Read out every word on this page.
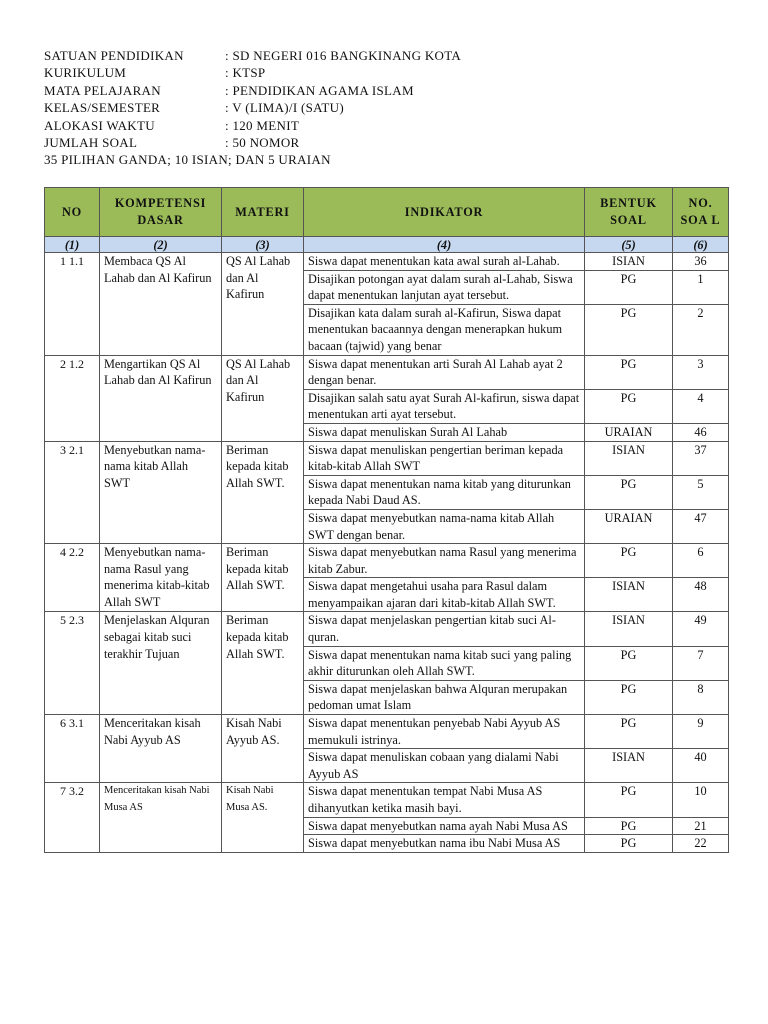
SATUAN PENDIDIKAN	: SD NEGERI 016 BANGKINANG KOTA
KURIKULUM	: KTSP
MATA PELAJARAN	: PENDIDIKAN AGAMA ISLAM
KELAS/SEMESTER	: V (LIMA)/I (SATU)
ALOKASI WAKTU	: 120 MENIT
JUMLAH SOAL	: 50 NOMOR
35 PILIHAN GANDA; 10 ISIAN; DAN 5 URAIAN
NO	KOMPETENSI DASAR	MATERI	INDIKATOR	BENTUK SOAL	NO. SOA L
(1)	(2)	(3)	(4)	(5)	(6)
1 1.1	Membaca QS Al Lahab dan Al Kafirun	QS Al Lahab dan Al Kafirun	Siswa dapat menentukan kata awal surah al-Lahab.	ISIAN	36
			Disajikan potongan ayat dalam surah al-Lahab, Siswa dapat menentukan lanjutan ayat tersebut.	PG	1
			Disajikan kata dalam surah al-Kafirun, Siswa dapat menentukan bacaannya dengan menerapkan hukum bacaan (tajwid) yang benar	PG	2
2 1.2	Mengartikan QS Al Lahab dan Al Kafirun	QS Al Lahab dan Al Kafirun	Siswa dapat menentukan arti Surah Al Lahab ayat 2 dengan benar.	PG	3
			Disajikan salah satu ayat Surah Al-kafirun, siswa dapat menentukan arti ayat tersebut.	PG	4
			Siswa dapat menuliskan Surah Al Lahab	URAIAN	46
3 2.1	Menyebutkan nama-nama kitab Allah SWT	Beriman kepada kitab Allah SWT.	Siswa dapat menuliskan pengertian beriman kepada kitab-kitab Allah SWT	ISIAN	37
			Siswa dapat menentukan nama kitab yang diturunkan kepada Nabi Daud AS.	PG	5
			Siswa dapat menyebutkan nama-nama kitab Allah SWT dengan benar.	URAIAN	47
4 2.2	Menyebutkan nama-nama Rasul yang menerima kitab-kitab Allah SWT	Beriman kepada kitab Allah SWT.	Siswa dapat menyebutkan nama Rasul yang menerima kitab Zabur.	PG	6
			Siswa dapat mengetahui usaha para Rasul dalam menyampaikan ajaran dari kitab-kitab Allah SWT.	ISIAN	48
5 2.3	Menjelaskan Alquran sebagai kitab suci terakhir Tujuan	Beriman kepada kitab Allah SWT.	Siswa dapat menjelaskan pengertian kitab suci Al-quran.	ISIAN	49
			Siswa dapat menentukan nama kitab suci yang paling akhir diturunkan oleh Allah SWT.	PG	7
			Siswa dapat menjelaskan bahwa Alquran merupakan pedoman umat Islam	PG	8
6 3.1	Menceritakan kisah Nabi Ayyub AS	Kisah Nabi Ayyub AS.	Siswa dapat menentukan penyebab Nabi Ayyub AS memukuli istrinya.	PG	9
			Siswa dapat menuliskan cobaan yang dialami Nabi Ayyub AS	ISIAN	40
7 3.2	Menceritakan kisah Nabi Musa AS	Kisah Nabi Musa AS.	Siswa dapat menentukan tempat Nabi Musa AS dihanyutkan ketika masih bayi.	PG	10
			Siswa dapat menyebutkan nama ayah Nabi Musa AS	PG	21
			Siswa dapat menyebutkan nama ibu Nabi Musa AS	PG	22
